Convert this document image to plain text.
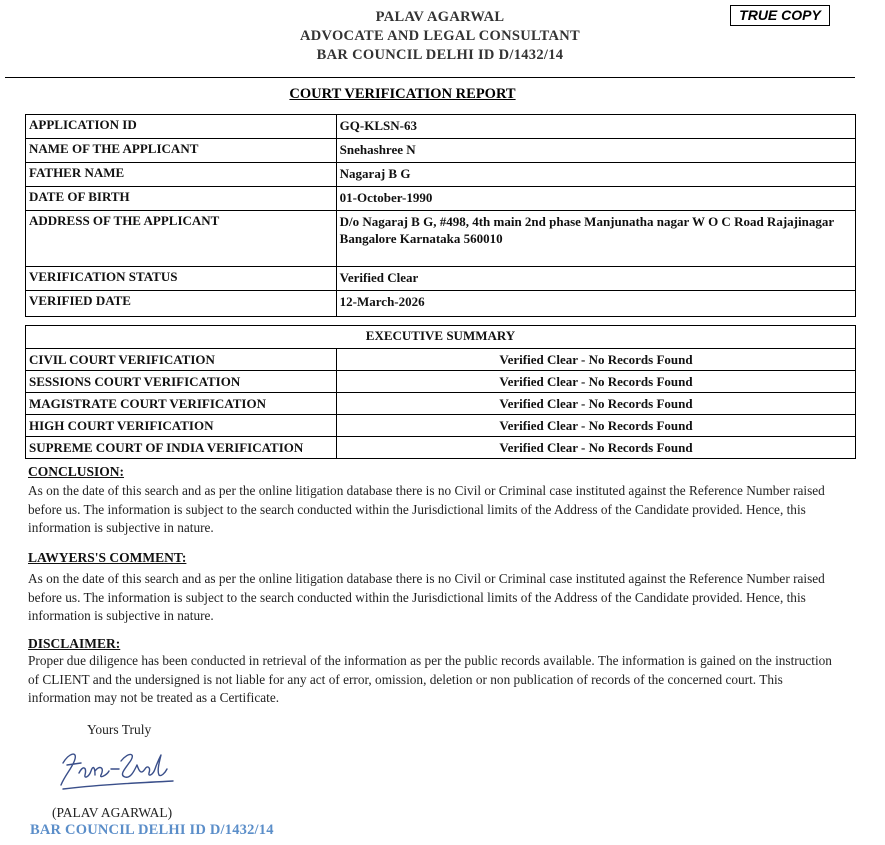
PALAV AGARWAL
ADVOCATE AND LEGAL CONSULTANT
BAR COUNCIL DELHI ID D/1432/14
TRUE COPY
COURT VERIFICATION REPORT
APPLICATION ID	GQ-KLSN-63
NAME OF THE APPLICANT	Snehashree N
FATHER NAME	Nagaraj B G
DATE OF BIRTH	01-October-1990
ADDRESS OF THE APPLICANT	D/o Nagaraj B G, #498, 4th main 2nd phase Manjunatha nagar W O C Road Rajajinagar Bangalore Karnataka 560010
VERIFICATION STATUS	Verified Clear
VERIFIED DATE	12-March-2026
EXECUTIVE SUMMARY	
CIVIL COURT VERIFICATION	Verified Clear - No Records Found
SESSIONS COURT VERIFICATION	Verified Clear - No Records Found
MAGISTRATE COURT VERIFICATION	Verified Clear - No Records Found
HIGH COURT VERIFICATION	Verified Clear - No Records Found
SUPREME COURT OF INDIA VERIFICATION	Verified Clear - No Records Found
CONCLUSION:
As on the date of this search and as per the online litigation database there is no Civil or Criminal case instituted against the Reference Number raised before us. The information is subject to the search conducted within the Jurisdictional limits of the Address of the Candidate provided. Hence, this information is subjective in nature.
LAWYERS'S COMMENT:
As on the date of this search and as per the online litigation database there is no Civil or Criminal case instituted against the Reference Number raised before us. The information is subject to the search conducted within the Jurisdictional limits of the Address of the Candidate provided. Hence, this information is subjective in nature.
DISCLAIMER:
Proper due diligence has been conducted in retrieval of the information as per the public records available. The information is gained on the instruction of CLIENT and the undersigned is not liable for any act of error, omission, deletion or non publication of records of the concerned court. This information may not be treated as a Certificate.
Yours Truly
(PALAV AGARWAL)
BAR COUNCIL DELHI ID D/1432/14
